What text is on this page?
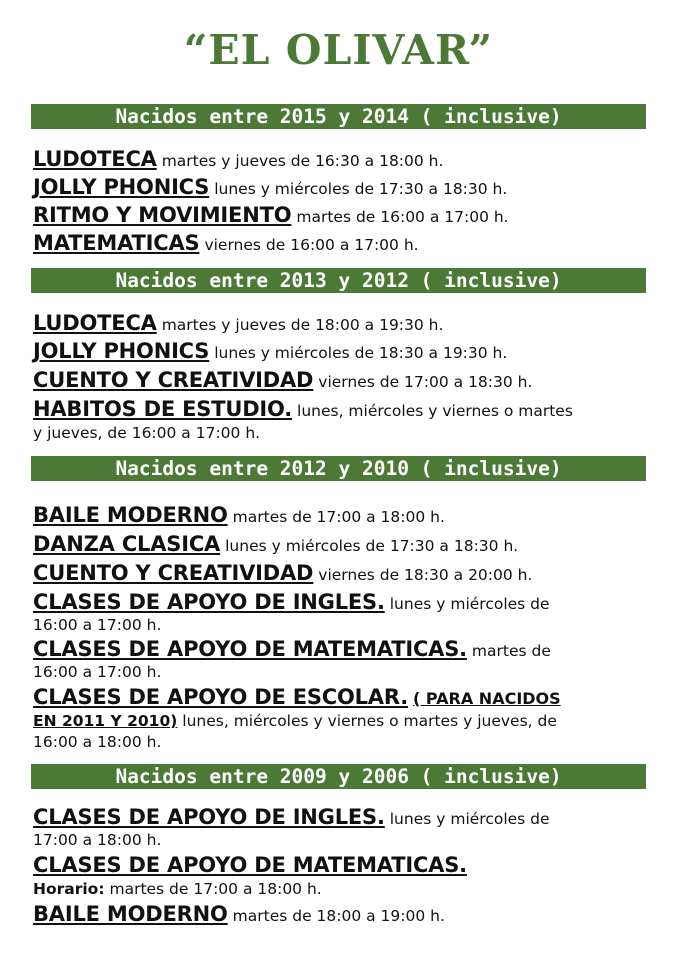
“EL OLIVAR”
Nacidos entre 2015 y 2014 ( inclusive)
LUDOTECA martes y jueves de 16:30 a 18:00 h.
JOLLY PHONICS lunes y miércoles de 17:30 a 18:30 h.
RITMO Y MOVIMIENTO martes de 16:00 a 17:00 h.
MATEMATICAS viernes de 16:00 a 17:00 h.
Nacidos entre 2013 y 2012 ( inclusive)
LUDOTECA martes y jueves de 18:00 a 19:30 h.
JOLLY PHONICS lunes y miércoles de 18:30 a 19:30 h.
CUENTO Y CREATIVIDAD viernes de 17:00 a 18:30 h.
HABITOS DE ESTUDIO. lunes, miércoles y viernes o martes
y jueves, de 16:00 a 17:00 h.
Nacidos entre 2012 y 2010 ( inclusive)
BAILE MODERNO martes de 17:00 a 18:00 h.
DANZA CLASICA lunes y miércoles de 17:30 a 18:30 h.
CUENTO Y CREATIVIDAD viernes de 18:30 a 20:00 h.
CLASES DE APOYO DE INGLES. lunes y miércoles de
16:00 a 17:00 h.
CLASES DE APOYO DE MATEMATICAS. martes de
16:00 a 17:00 h.
CLASES DE APOYO DE ESCOLAR. ( PARA NACIDOS
EN 2011 Y 2010) lunes, miércoles y viernes o martes y jueves, de
16:00 a 18:00 h.
Nacidos entre 2009 y 2006 ( inclusive)
CLASES DE APOYO DE INGLES. lunes y miércoles de
17:00 a 18:00 h.
CLASES DE APOYO DE MATEMATICAS.
Horario: martes de 17:00 a 18:00 h.
BAILE MODERNO martes de 18:00 a 19:00 h.
